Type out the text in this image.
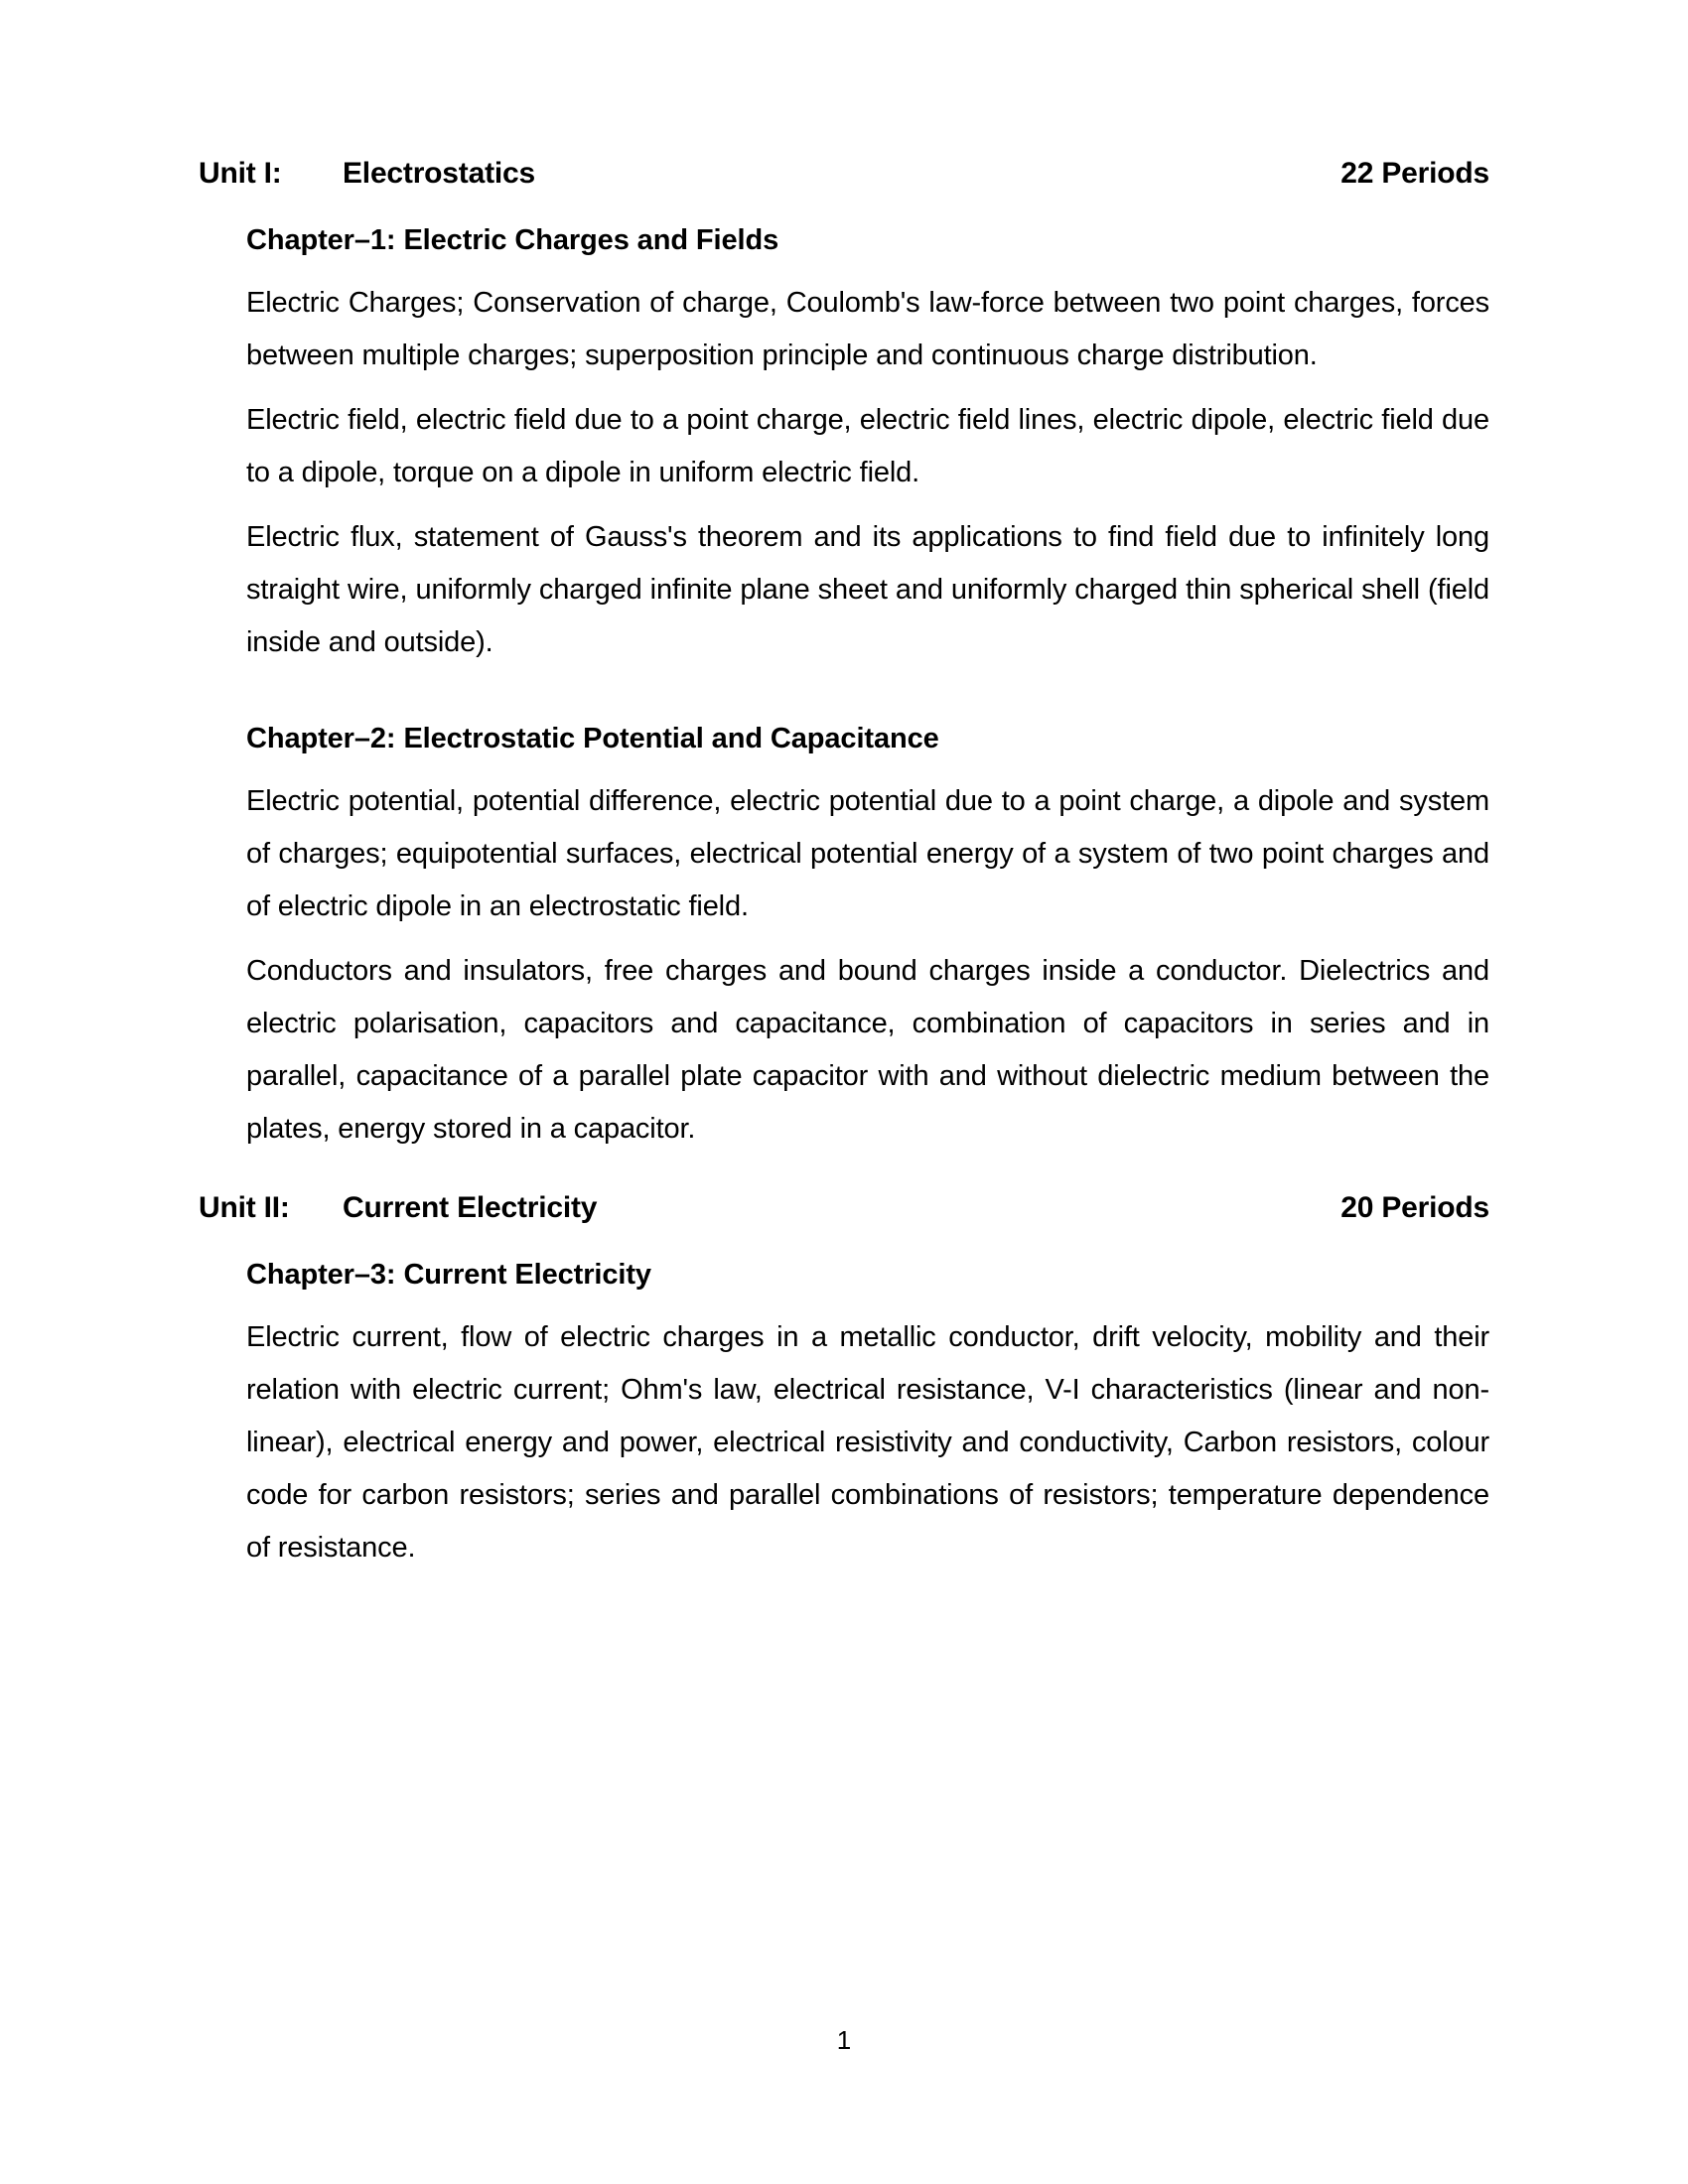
Unit I:	Electrostatics	22 Periods
Chapter–1: Electric Charges and Fields
Electric Charges; Conservation of charge, Coulomb's law-force between two point charges, forces between multiple charges; superposition principle and continuous charge distribution.
Electric field, electric field due to a point charge, electric field lines, electric dipole, electric field due to a dipole, torque on a dipole in uniform electric field.
Electric flux, statement of Gauss's theorem and its applications to find field due to infinitely long straight wire, uniformly charged infinite plane sheet and uniformly charged thin spherical shell (field inside and outside).
Chapter–2: Electrostatic Potential and Capacitance
Electric potential, potential difference, electric potential due to a point charge, a dipole and system of charges; equipotential surfaces, electrical potential energy of a system of two point charges and of electric dipole in an electrostatic field.
Conductors and insulators, free charges and bound charges inside a conductor. Dielectrics and electric polarisation, capacitors and capacitance, combination of capacitors in series and in parallel, capacitance of a parallel plate capacitor with and without dielectric medium between the plates, energy stored in a capacitor.
Unit II:	Current Electricity	20 Periods
Chapter–3: Current Electricity
Electric current, flow of electric charges in a metallic conductor, drift velocity, mobility and their relation with electric current; Ohm's law, electrical resistance, V-I characteristics (linear and non-linear), electrical energy and power, electrical resistivity and conductivity, Carbon resistors, colour code for carbon resistors; series and parallel combinations of resistors; temperature dependence of resistance.
1
